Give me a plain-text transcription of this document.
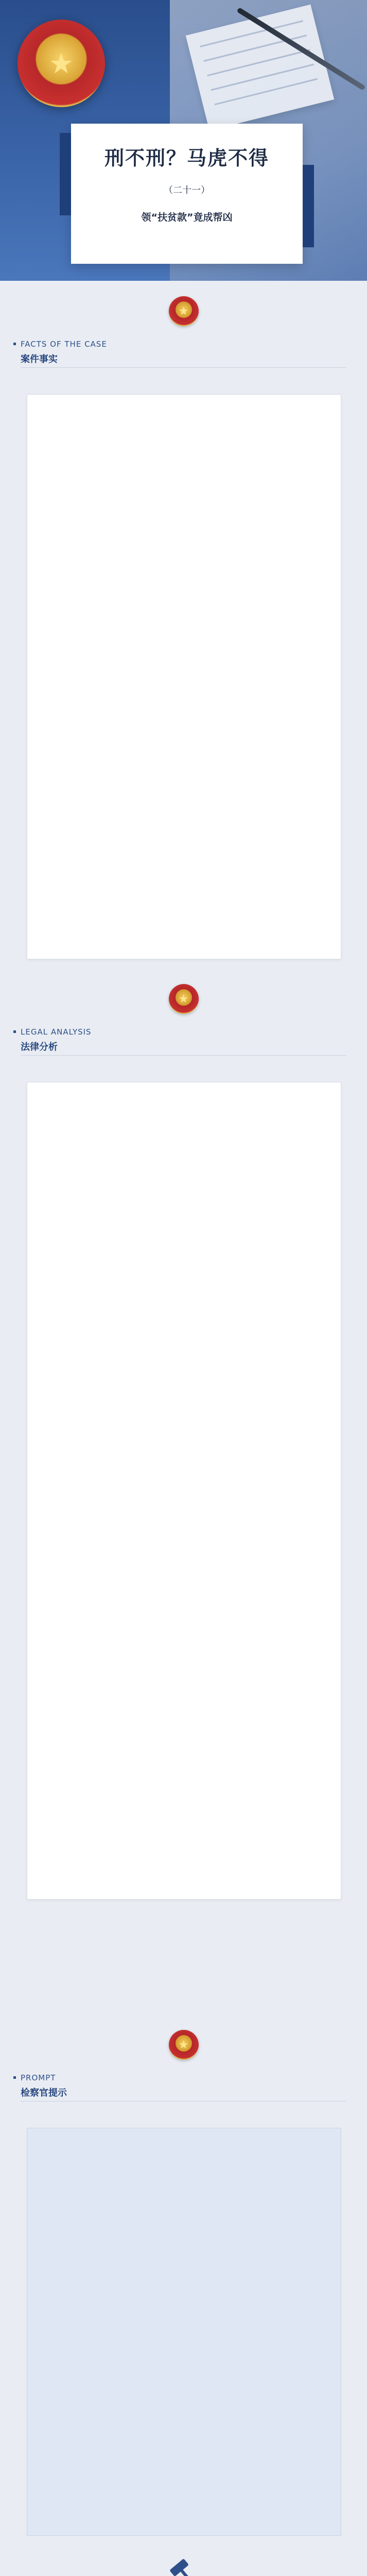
★
刑不刑？马虎不得
（二十一）
领“扶贫款”竟成帮凶
★
FACTS OF THE CASE
案件事实
★
LEGAL ANALYSIS
法律分析
★
PROMPT
检察官提示
